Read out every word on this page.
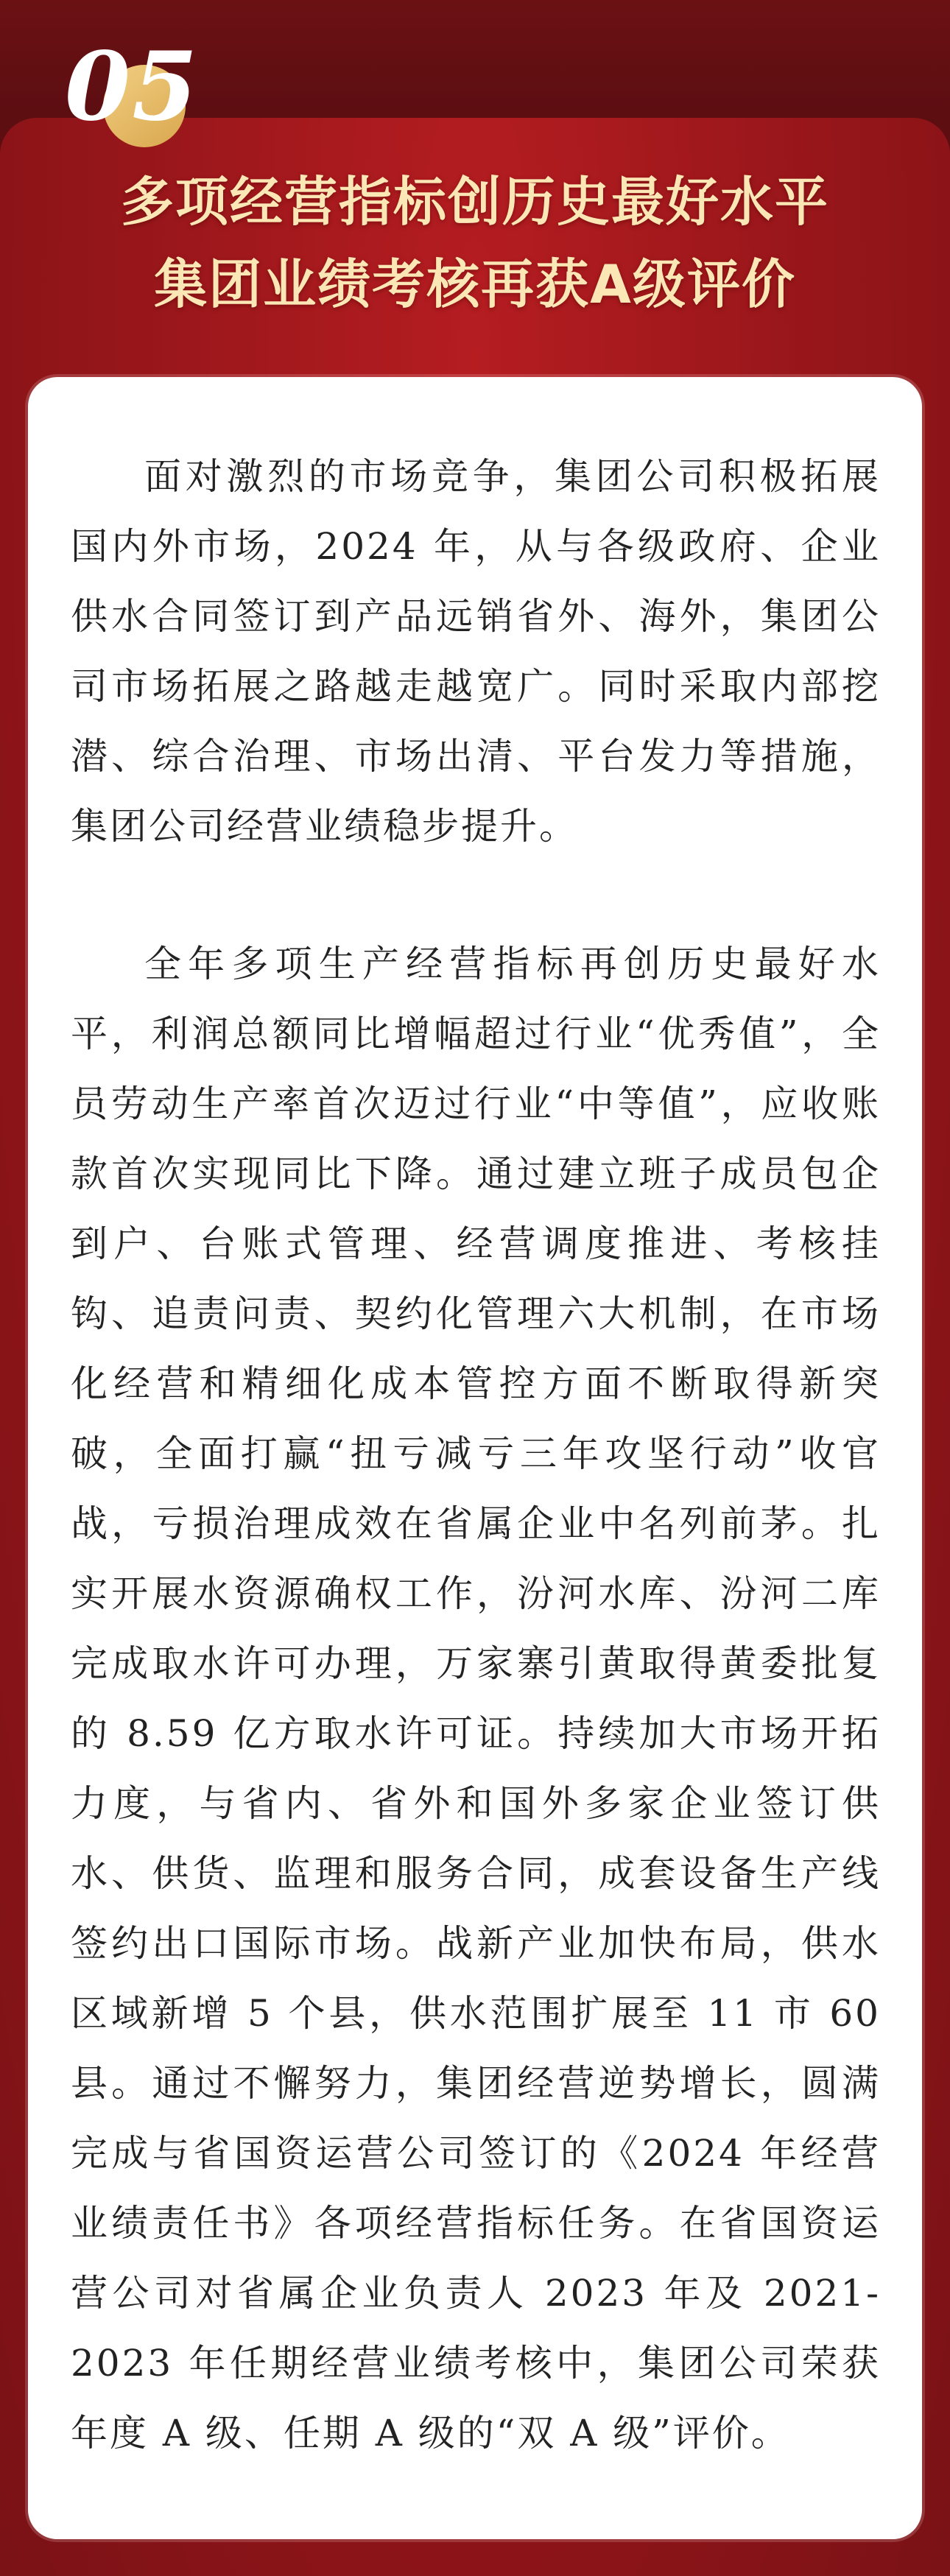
05
多项经营指标创历史最好水平
集团业绩考核再获A级评价

面对激烈的市场竞争，集团公司积极拓展国内外市场，2024 年，从与各级政府、企业供水合同签订到产品远销省外、海外，集团公司市场拓展之路越走越宽广。同时采取内部挖潜、综合治理、市场出清、平台发力等措施，集团公司经营业绩稳步提升。

全年多项生产经营指标再创历史最好水平，利润总额同比增幅超过行业“优秀值”，全员劳动生产率首次迈过行业“中等值”，应收账款首次实现同比下降。通过建立班子成员包企到户、台账式管理、经营调度推进、考核挂钩、追责问责、契约化管理六大机制，在市场化经营和精细化成本管控方面不断取得新突破，全面打赢“扭亏减亏三年攻坚行动”收官战，亏损治理成效在省属企业中名列前茅。扎实开展水资源确权工作，汾河水库、汾河二库完成取水许可办理，万家寨引黄取得黄委批复的 8.59 亿方取水许可证。持续加大市场开拓力度，与省内、省外和国外多家企业签订供水、供货、监理和服务合同，成套设备生产线签约出口国际市场。战新产业加快布局，供水区域新增 5 个县，供水范围扩展至 11 市 60 县。通过不懈努力，集团经营逆势增长，圆满完成与省国资运营公司签订的《2024 年经营业绩责任书》各项经营指标任务。在省国资运营公司对省属企业负责人 2023 年及 2021-2023 年任期经营业绩考核中，集团公司荣获年度 A 级、任期 A 级的“双 A 级”评价。
